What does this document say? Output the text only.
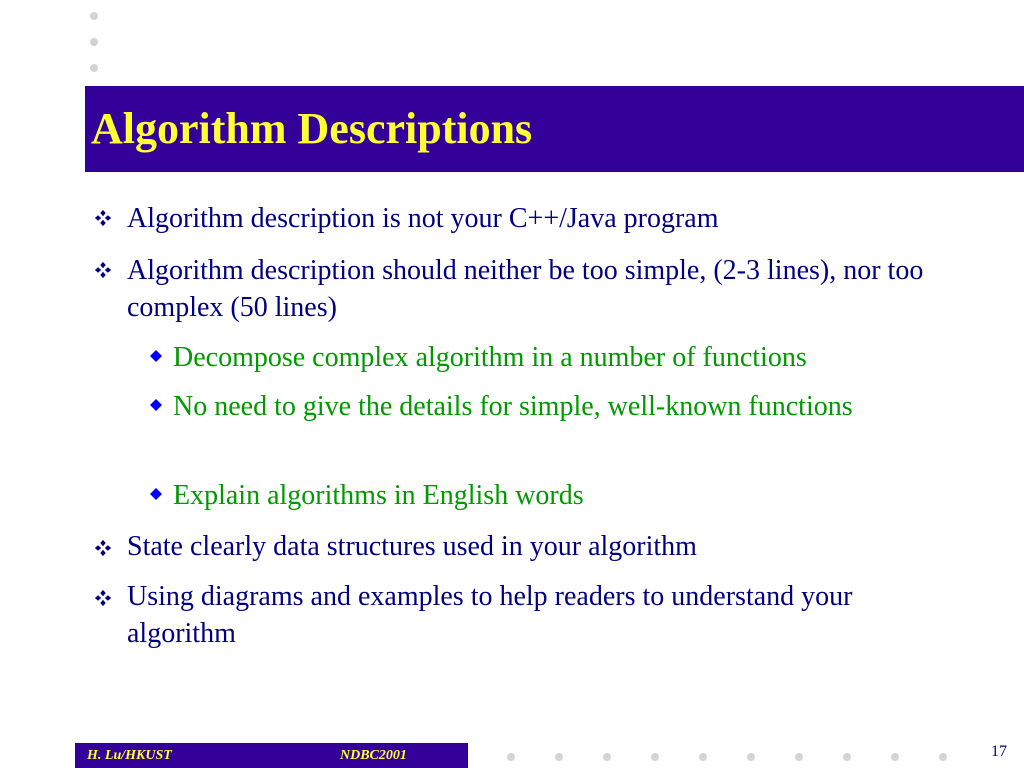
Algorithm Descriptions
Algorithm description is not your C++/Java program
Algorithm description should neither be too simple, (2-3 lines), nor too complex (50 lines)
Decompose complex algorithm in a number of functions
No need to give the details for simple, well-known functions
Explain algorithms in English words
State clearly data structures used in your algorithm
Using diagrams and examples to help readers to understand your algorithm
H. Lu/HKUST	NDBC2001	17
